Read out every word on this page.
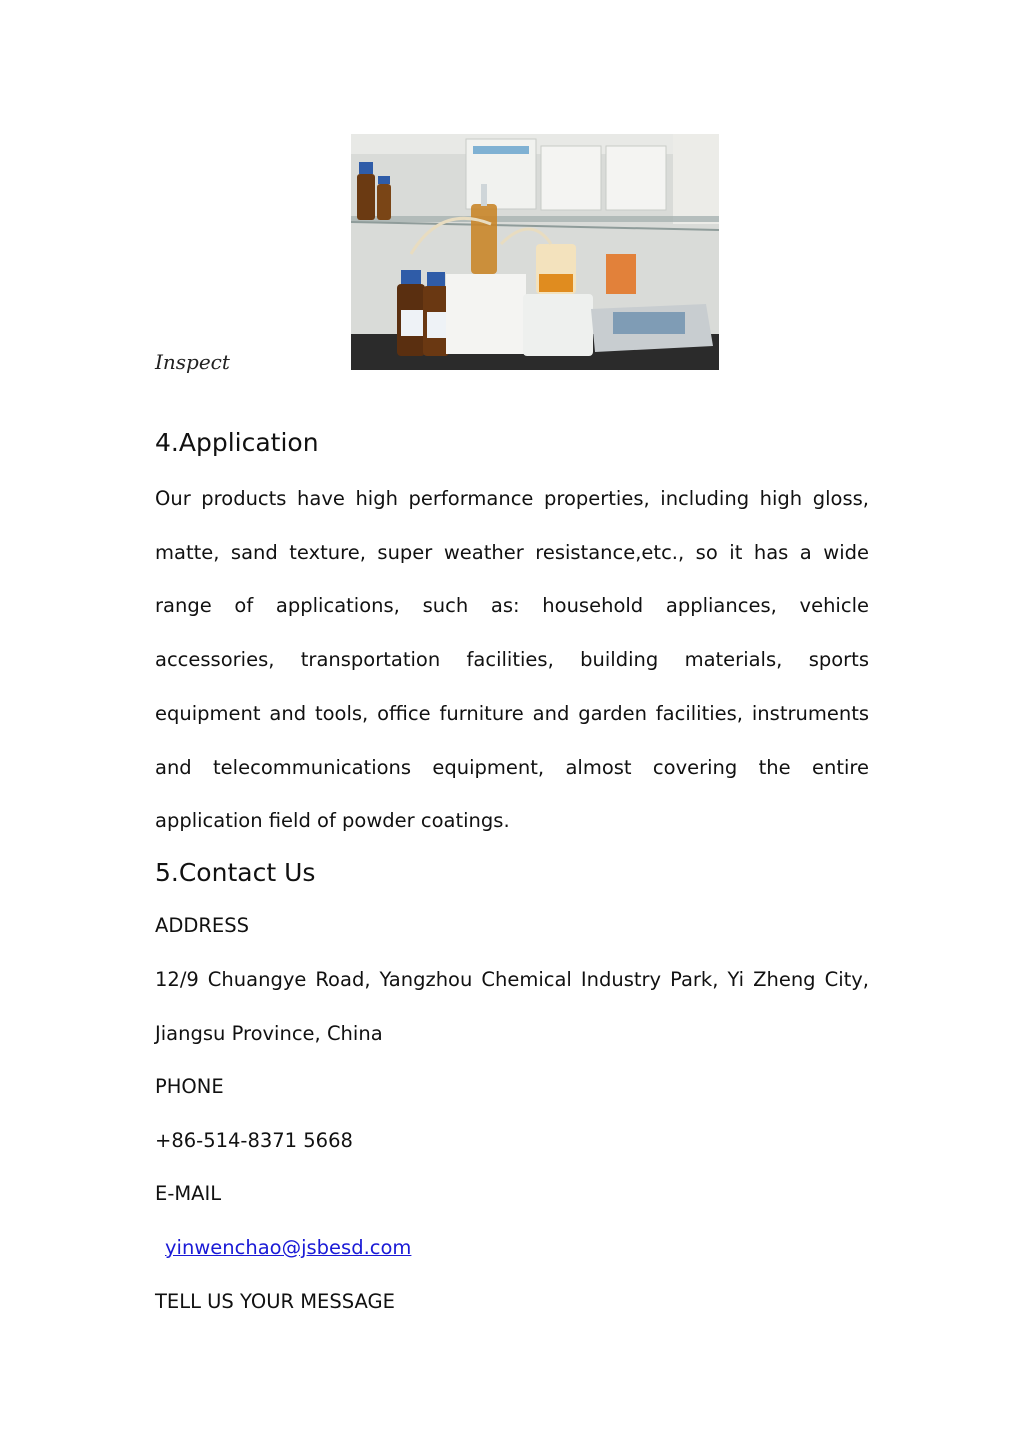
Inspect
4.Application

Our products have high performance properties, including high gloss, matte, sand texture, super weather resistance,etc., so it has a wide range of applications, such as: household appliances, vehicle accessories, transportation facilities, building materials, sports equipment and tools, office furniture and garden facilities, instruments and telecommunications equipment, almost covering the entire application field of powder coatings.

5.Contact Us

ADDRESS

12/9 Chuangye Road, Yangzhou Chemical Industry Park, Yi Zheng City,

Jiangsu Province, China

PHONE

+86-514-8371 5668

E-MAIL

yinwenchao@jsbesd.com

TELL US YOUR MESSAGE
